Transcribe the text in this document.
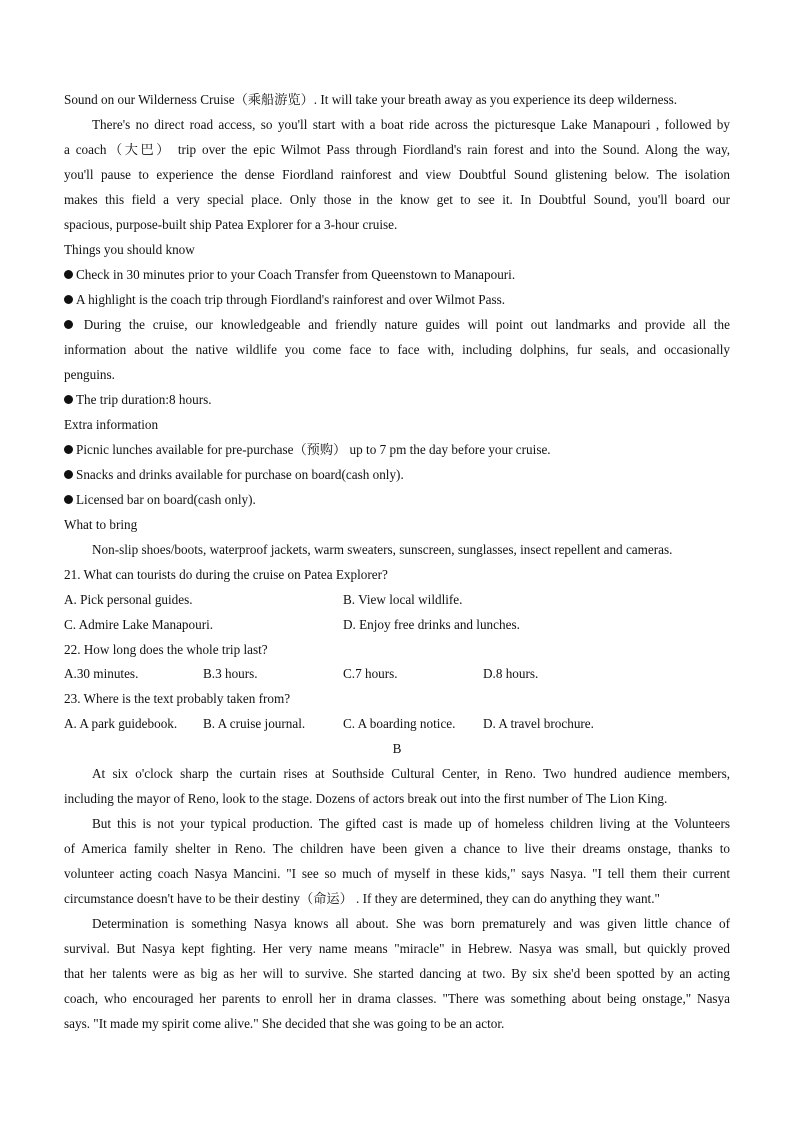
Sound on our Wilderness Cruise（乘船游览）. It will take your breath away as you experience its deep wilderness.

There's no direct road access, so you'll start with a boat ride across the picturesque Lake Manapouri , followed by

a coach（大巴） trip over the epic Wilmot Pass through Fiordland's rain forest and into the Sound. Along the way,

you'll pause to experience the dense Fiordland rainforest and view Doubtful Sound glistening below. The isolation

makes this field a very special place. Only those in the know get to see it. In Doubtful Sound, you'll board our

spacious, purpose-built ship Patea Explorer for a 3-hour cruise.

Things you should know

Check in 30 minutes prior to your Coach Transfer from Queenstown to Manapouri.

A highlight is the coach trip through Fiordland's rainforest and over Wilmot Pass.

During the cruise, our knowledgeable and friendly nature guides will point out landmarks and provide all the

information about the native wildlife you come face to face with, including dolphins, fur seals, and occasionally

penguins.

The trip duration:8 hours.

Extra information

Picnic lunches available for pre-purchase（预购） up to 7 pm the day before your cruise.

Snacks and drinks available for purchase on board(cash only).

Licensed bar on board(cash only).

What to bring

Non-slip shoes/boots, waterproof jackets, warm sweaters, sunscreen, sunglasses, insect repellent and cameras.

21. What can tourists do during the cruise on Patea Explorer?

A. Pick personal guides.	B. View local wildlife.
C. Admire Lake Manapouri.	D. Enjoy free drinks and lunches.

22. How long does the whole trip last?

A.30 minutes.	B.3 hours.	C.7 hours.	D.8 hours.

23. Where is the text probably taken from?

A. A park guidebook. B. A cruise journal.	C. A boarding notice. D. A travel brochure.
B

At six o'clock sharp the curtain rises at Southside Cultural Center, in Reno. Two hundred audience members,

including the mayor of Reno, look to the stage. Dozens of actors break out into the first number of The Lion King.

But this is not your typical production. The gifted cast is made up of homeless children living at the Volunteers

of America family shelter in Reno. The children have been given a chance to live their dreams onstage, thanks to

volunteer acting coach Nasya Mancini. "I see so much of myself in these kids," says Nasya. "I tell them their current

circumstance doesn't have to be their destiny（命运） . If they are determined, they can do anything they want."

Determination is something Nasya knows all about. She was born prematurely and was given little chance of

survival. But Nasya kept fighting. Her very name means "miracle" in Hebrew. Nasya was small, but quickly proved

that her talents were as big as her will to survive. She started dancing at two. By six she'd been spotted by an acting

coach, who encouraged her parents to enroll her in drama classes. "There was something about being onstage," Nasya

says. "It made my spirit come alive." She decided that she was going to be an actor.
